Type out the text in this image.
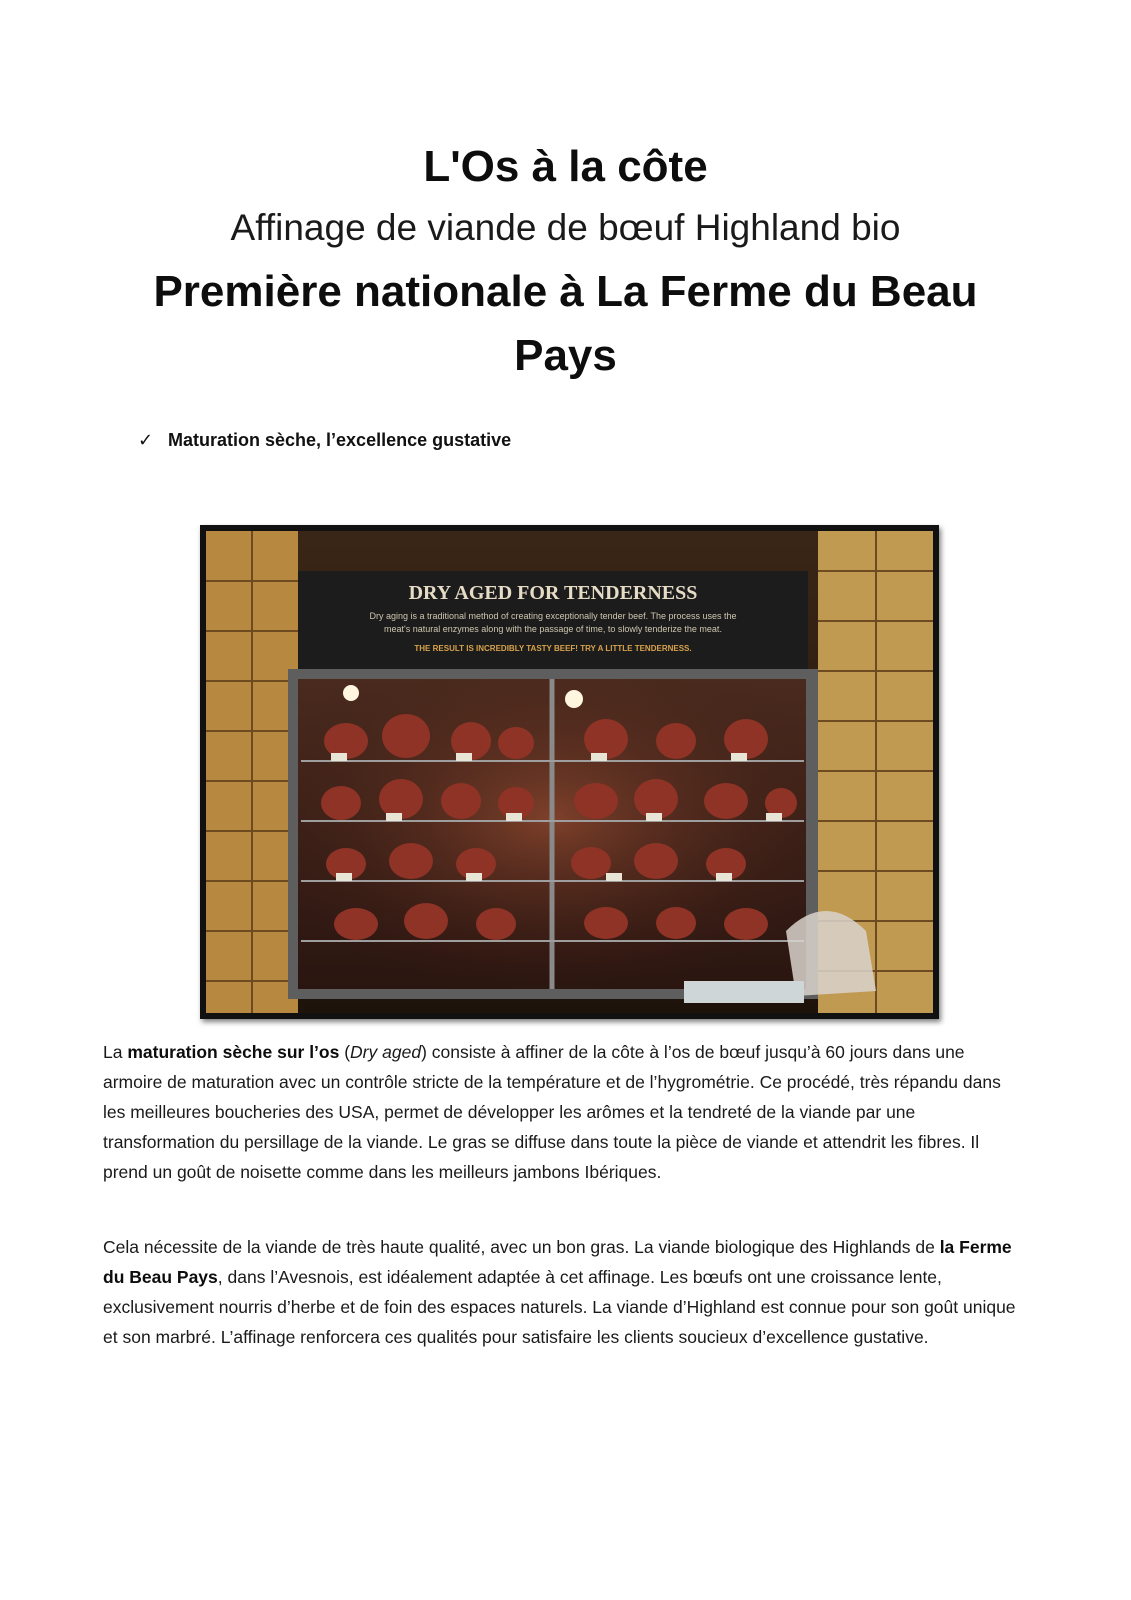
L'Os à la côte
Affinage de viande de bœuf Highland bio
Première nationale à La Ferme du Beau Pays
✓ Maturation sèche, l’excellence gustative
DRY AGED FOR TENDERNESS
Dry aging is a traditional method of creating exceptionally tender beef. The process uses the
meat's natural enzymes along with the passage of time, to slowly tenderize the meat.
THE RESULT IS INCREDIBLY TASTY BEEF! TRY A LITTLE TENDERNESS.

La maturation sèche sur l’os (Dry aged) consiste à affiner de la côte à l’os de bœuf jusqu’à 60 jours dans une armoire de maturation avec un contrôle stricte de la température et de l’hygrométrie. Ce procédé, très répandu dans les meilleures boucheries des USA, permet de développer les arômes et la tendreté de la viande par une transformation du persillage de la viande. Le gras se diffuse dans toute la pièce de viande et attendrit les fibres. Il prend un goût de noisette comme dans les meilleurs jambons Ibériques.

Cela nécessite de la viande de très haute qualité, avec un bon gras. La viande biologique des Highlands de la Ferme du Beau Pays, dans l’Avesnois, est idéalement adaptée à cet affinage. Les bœufs ont une croissance lente, exclusivement nourris d’herbe et de foin des espaces naturels. La viande d’Highland est connue pour son goût unique et son marbré. L’affinage renforcera ces qualités pour satisfaire les clients soucieux d’excellence gustative.
